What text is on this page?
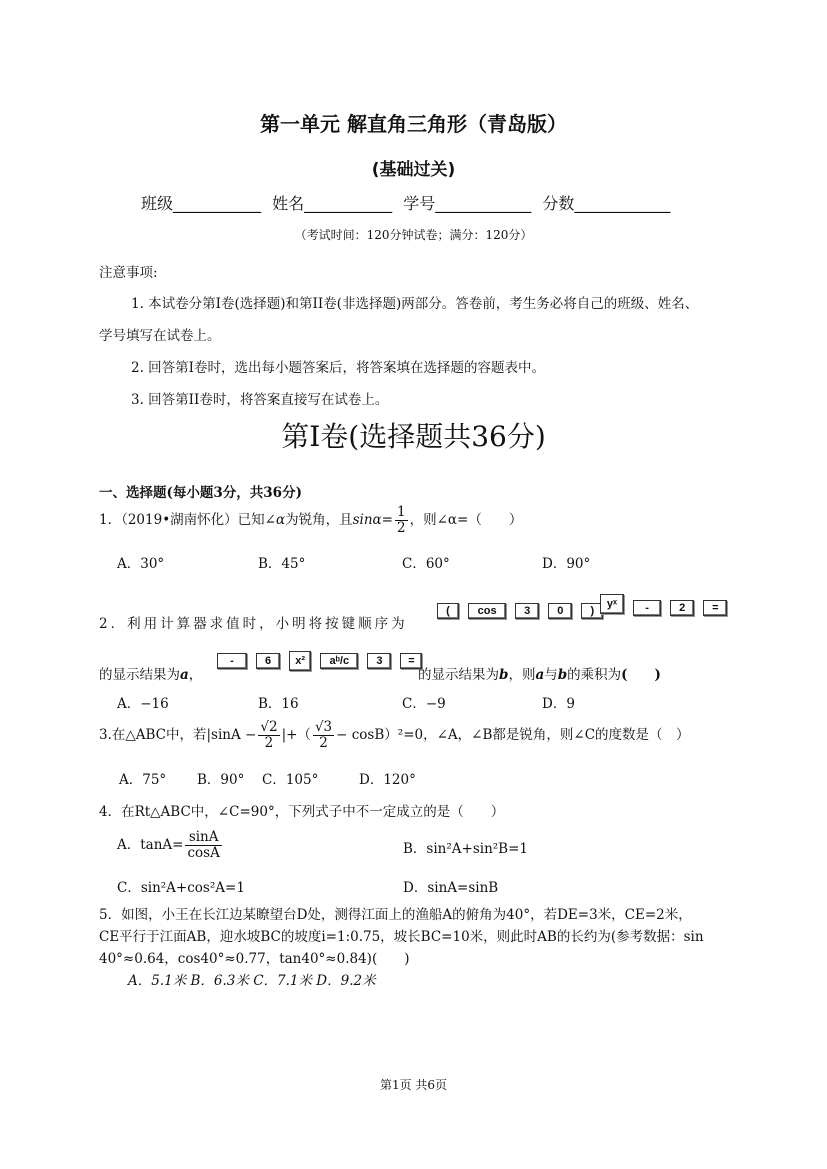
第一单元 解直角三角形（青岛版）
(基础过关)
班级___________ 姓名___________ 学号____________ 分数____________
（考试时间：120分钟试卷；满分：120分）
注意事项:
1. 本试卷分第I卷(选择题)和第II卷(非选择题)两部分。答卷前，考生务必将自己的班级、姓名、
学号填写在试卷上。
2. 回答第I卷时，选出每小题答案后，将答案填在选择题的容题表中。
3. 回答第II卷时，将答案直接写在试卷上。
第I卷(选择题共36分)
一、选择题(每小题3分，共36分)
1．（2019•湖南怀化）已知∠α为锐角，且$\sin\alpha= \frac{1}{2}$ ，则∠α=（　　）
A．30°	B．45°	C．60°	D．90°
2．利用计算器求值时，小明将按键顺序为
(	cos	3 0 )
yˣ	-	2 =
的显示结果为a，
-	6 x² aᵇ/c 3 =
的显示结果为b，则a与b的乘积为(　　)
A．−16	B．16	C．−9	D．9
3.在△ABC中，若$|\sin A - \frac{√2}{2}$ |+（ $\frac{√3}{2} - \cos B)^2=0$，∠A，∠B都是锐角，则∠C的度数是（　）
A．75° B．90° C．105°	D．120°
4．在Rt△ABC中，∠C=90°，下列式子中不一定成立的是（　　）
A．$\tan A= \frac{\sin A}{\cos A}$	B．sin²A+sin²B=1
C．sin²A+cos²A=1	D．sinA=sinB
5．如图，小王在长江边某瞭望台D处，测得江面上的渔船A的俯角为40°，若DE=3米，CE=2米，
CE平行于江面AB，迎水坡BC的坡度i=1:0.75，坡长BC=10米，则此时AB的长约为(参考数据：sin
40°≈0.64，cos40°≈0.77，tan40°≈0.84)(　　)
A．5.1米 B．6.3米 C．7.1米 D．9.2米
第1页 共6页
